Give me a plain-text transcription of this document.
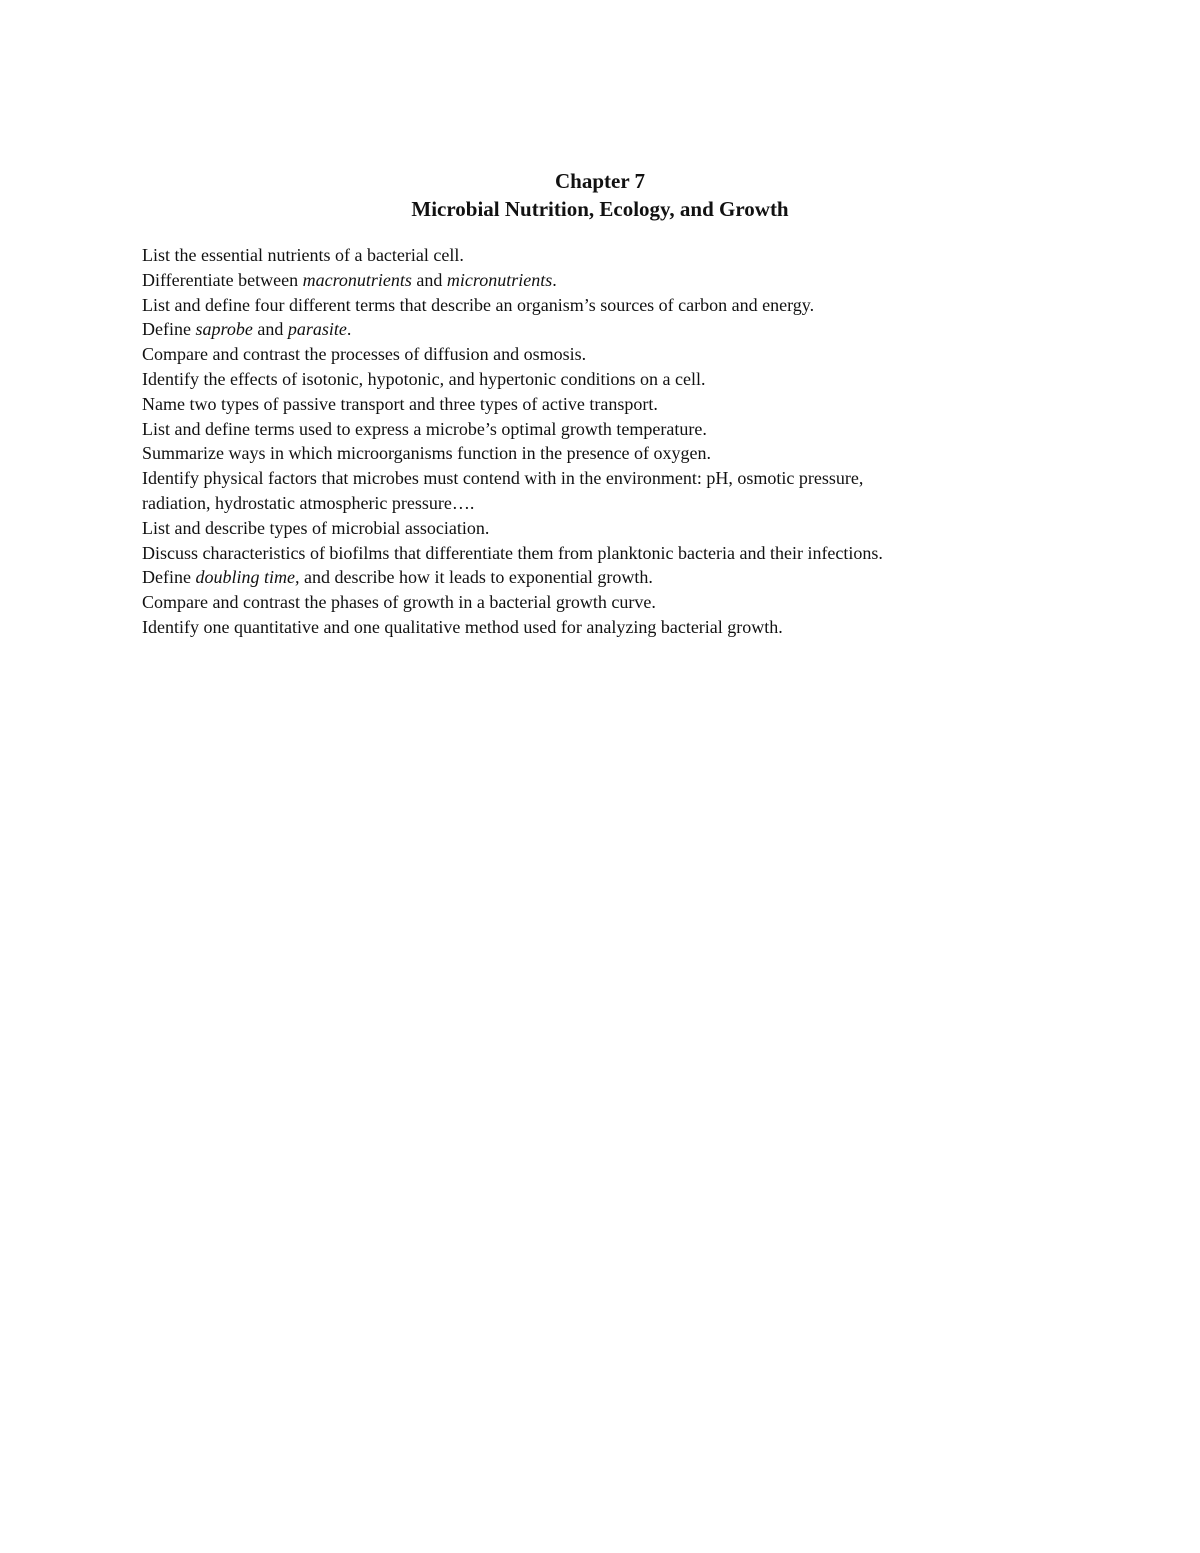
Chapter 7
Microbial Nutrition, Ecology, and Growth
List the essential nutrients of a bacterial cell.
Differentiate between macronutrients and micronutrients.
List and define four different terms that describe an organism’s sources of carbon and energy.
Define saprobe and parasite.
Compare and contrast the processes of diffusion and osmosis.
Identify the effects of isotonic, hypotonic, and hypertonic conditions on a cell.
Name two types of passive transport and three types of active transport.
List and define terms used to express a microbe’s optimal growth temperature.
Summarize ways in which microorganisms function in the presence of oxygen.
Identify physical factors that microbes must contend with in the environment: pH, osmotic pressure,
radiation, hydrostatic atmospheric pressure….
List and describe types of microbial association.
Discuss characteristics of biofilms that differentiate them from planktonic bacteria and their infections.
Define doubling time, and describe how it leads to exponential growth.
Compare and contrast the phases of growth in a bacterial growth curve.
Identify one quantitative and one qualitative method used for analyzing bacterial growth.
